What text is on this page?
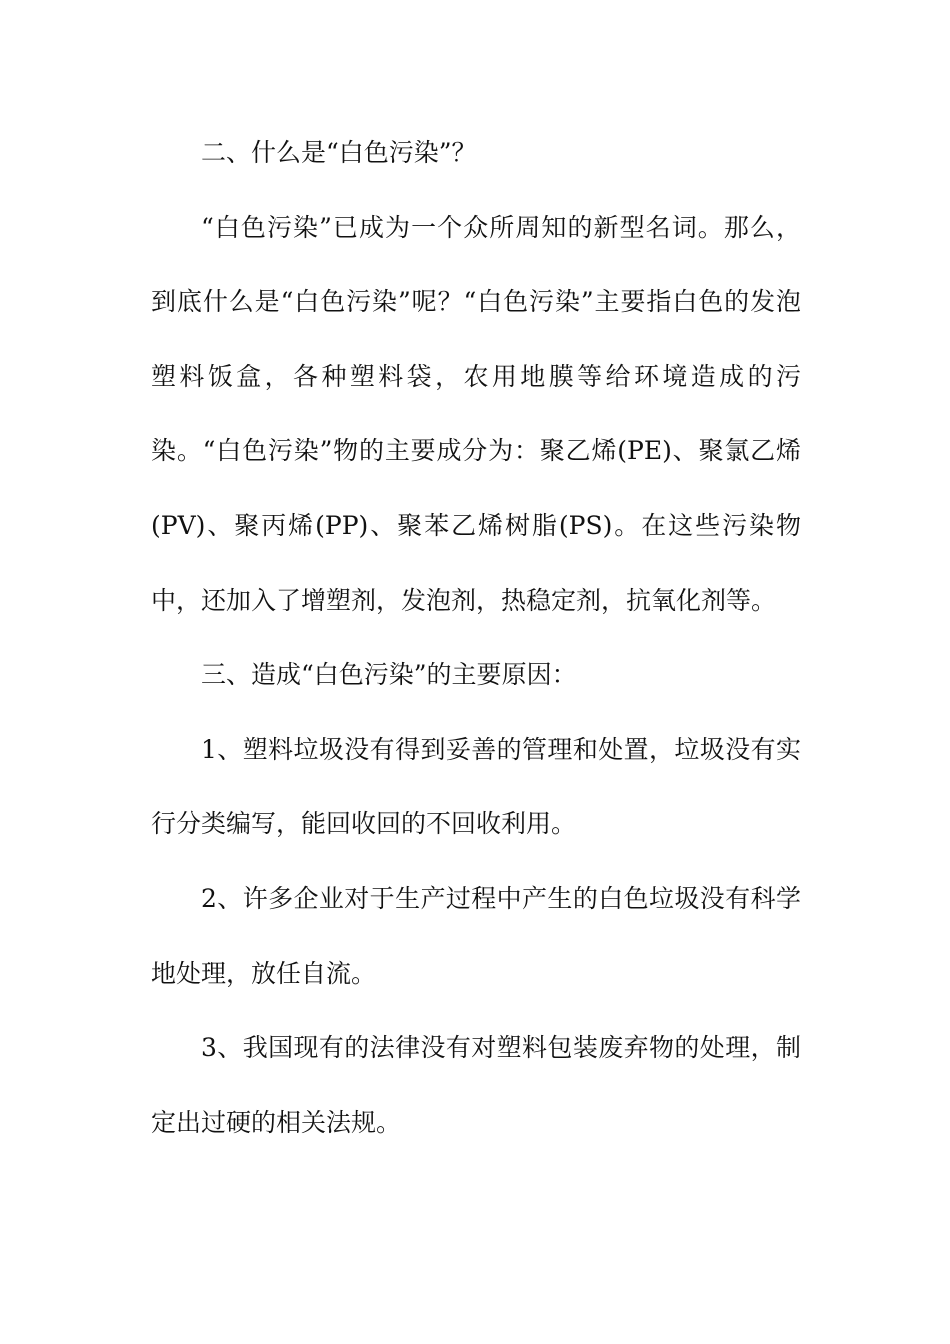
二、什么是“白色污染”？

“白色污染”已成为一个众所周知的新型名词。那么，到底什么是“白色污染”呢？“白色污染”主要指白色的发泡塑料饭盒，各种塑料袋，农用地膜等给环境造成的污染。“白色污染”物的主要成分为：聚乙烯(PE)、聚氯乙烯(PV)、聚丙烯(PP)、聚苯乙烯树脂(PS)。在这些污染物中，还加入了增塑剂，发泡剂，热稳定剂，抗氧化剂等。

三、造成“白色污染”的主要原因：

1、塑料垃圾没有得到妥善的管理和处置，垃圾没有实行分类编写，能回收回的不回收利用。

2、许多企业对于生产过程中产生的白色垃圾没有科学地处理，放任自流。

3、我国现有的法律没有对塑料包装废弃物的处理，制定出过硬的相关法规。
